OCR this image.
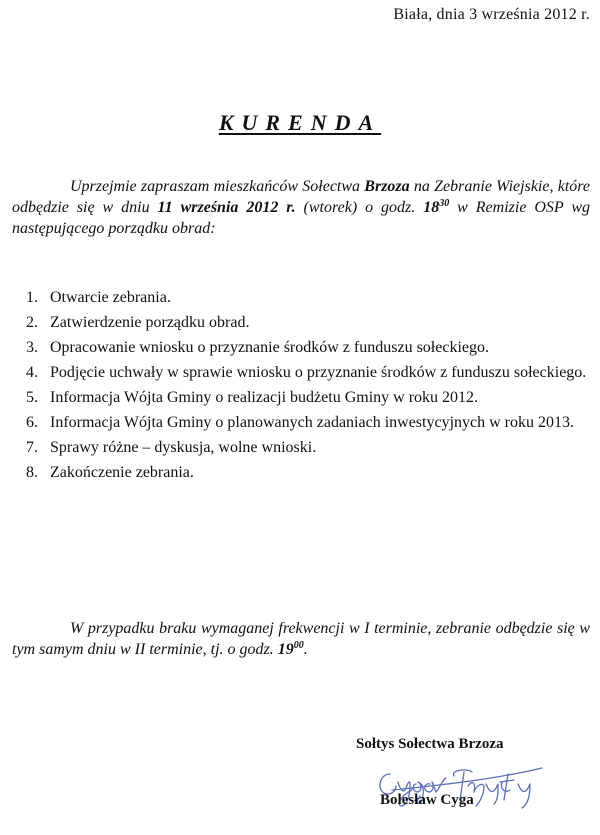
Biała, dnia 3 września 2012 r.
KURENDA

Uprzejmie zapraszam mieszkańców Sołectwa Brzoza na Zebranie Wiejskie, które odbędzie się w dniu 11 września 2012 r. (wtorek) o godz. $18^{30}$ w Remizie OSP wg następującego porządku obrad:

1. Otwarcie zebrania.
2. Zatwierdzenie porządku obrad.
3. Opracowanie wniosku o przyznanie środków z funduszu sołeckiego.
4. Podjęcie uchwały w sprawie wniosku o przyznanie środków z funduszu sołeckiego.
5. Informacja Wójta Gminy o realizacji budżetu Gminy w roku 2012.
6. Informacja Wójta Gminy o planowanych zadaniach inwestycyjnych w roku 2013.
7. Sprawy różne – dyskusja, wolne wnioski.
8. Zakończenie zebrania.

W przypadku braku wymaganej frekwencji w I terminie, zebranie odbędzie się w tym samym dniu w II terminie, tj. o godz. $19^{00}$.

Sołtys Sołectwa Brzoza
Bolesław Cyga
